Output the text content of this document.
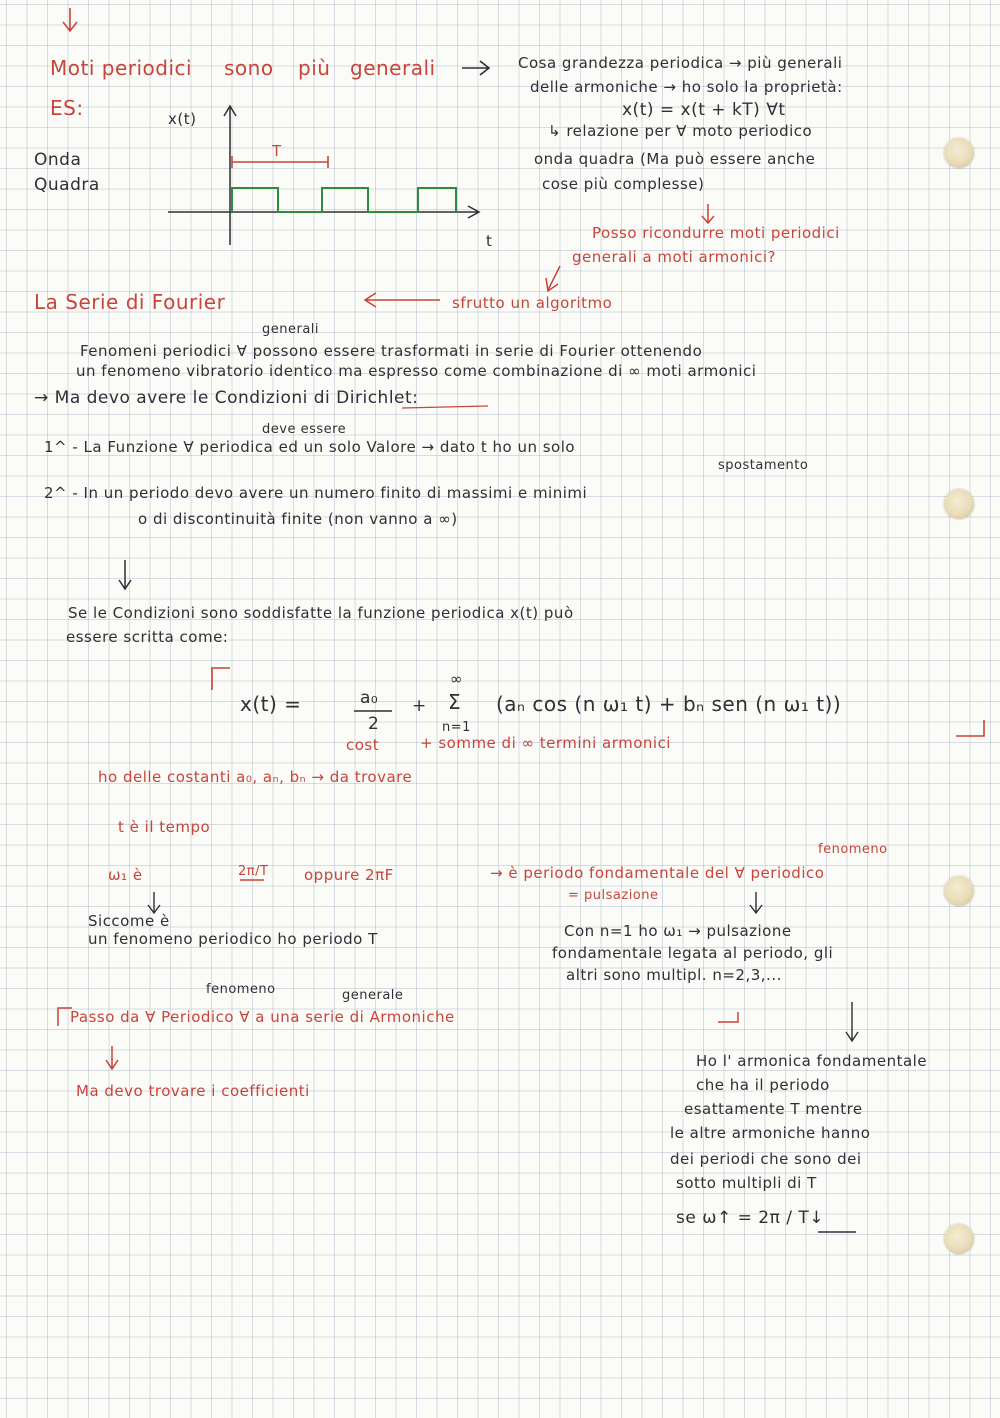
Moti periodici sono più generali
ES:
Onda
Quadra
x(t)
t
T
Cosa grandezza periodica → più generali
delle armoniche → ho solo la proprietà:
x(t) = x(t + kT) ∀t
↳ relazione per ∀ moto periodico
onda quadra (Ma può essere anche
cose più complesse)
Posso ricondurre moti periodici
generali a moti armonici?
La Serie di Fourier	sfrutto un algoritmo
generali
Fenomeni periodici ∀ possono essere trasformati in serie di Fourier ottenendo
un fenomeno vibratorio identico ma espresso come combinazione di ∞ moti armonici
→ Ma devo avere le Condizioni di Dirichlet:
deve essere
1^ - La Funzione ∀ periodica ed un solo Valore → dato t ho un solo
spostamento
2^ - In un periodo devo avere un numero finito di massimi e minimi
o di discontinuità finite (non vanno a ∞)
Se le Condizioni sono soddisfatte la funzione periodica x(t) può
essere scritta come:
x(t) =	a₀
2
+
∞
Σ
n=1
(aₙ cos (n ω₁ t) + bₙ sen (n ω₁ t))
cost	+ somme di ∞ termini armonici
ho delle costanti a₀, aₙ, bₙ → da trovare
t è il tempo
ω₁ è	2π/T oppure 2πF
fenomeno
→ è periodo fondamentale del ∀ periodico
= pulsazione
Siccome è
un fenomeno periodico ho periodo T	Con n=1 ho ω₁ → pulsazione
fondamentale legata al periodo, gli
altri sono multipl. n=2,3,...
fenomeno	generale
Passo da ∀ Periodico ∀ a una serie di Armoniche
Ma devo trovare i coefficienti
Ho l' armonica fondamentale
che ha il periodo
esattamente T mentre
le altre armoniche hanno
dei periodi che sono dei
sotto multipli di T
se ω↑ = 2π / T↓
